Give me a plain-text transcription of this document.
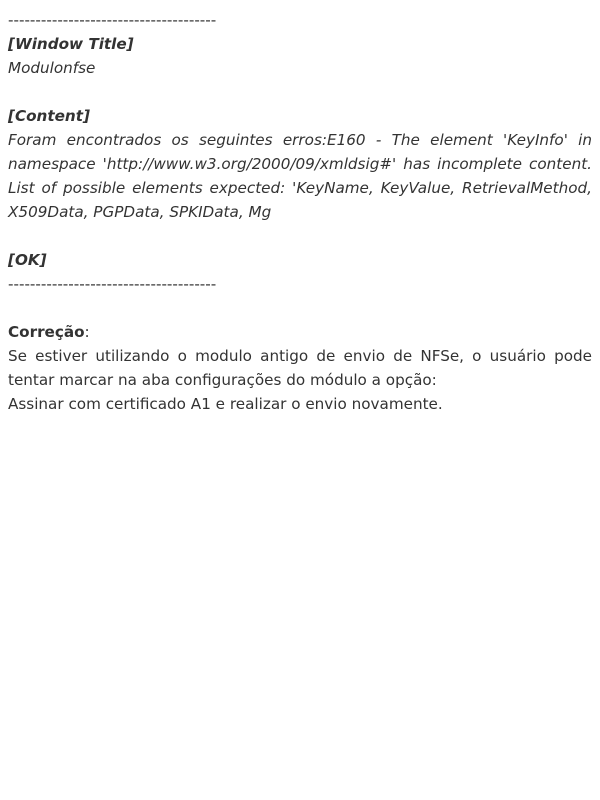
--------------------------------------
[Window Title]
Modulonfse
[Content]
Foram encontrados os seguintes erros:E160 - The element 'KeyInfo' in namespace 'http://www.w3.org/2000/09/xmldsig#' has incomplete content. List of possible elements expected: 'KeyName, KeyValue, RetrievalMethod, X509Data, PGPData, SPKIData, Mg
[OK]
--------------------------------------
Correção:
Se estiver utilizando o modulo antigo de envio de NFSe, o usuário pode tentar marcar na aba configurações do módulo a opção:
Assinar com certificado A1 e realizar o envio novamente.
